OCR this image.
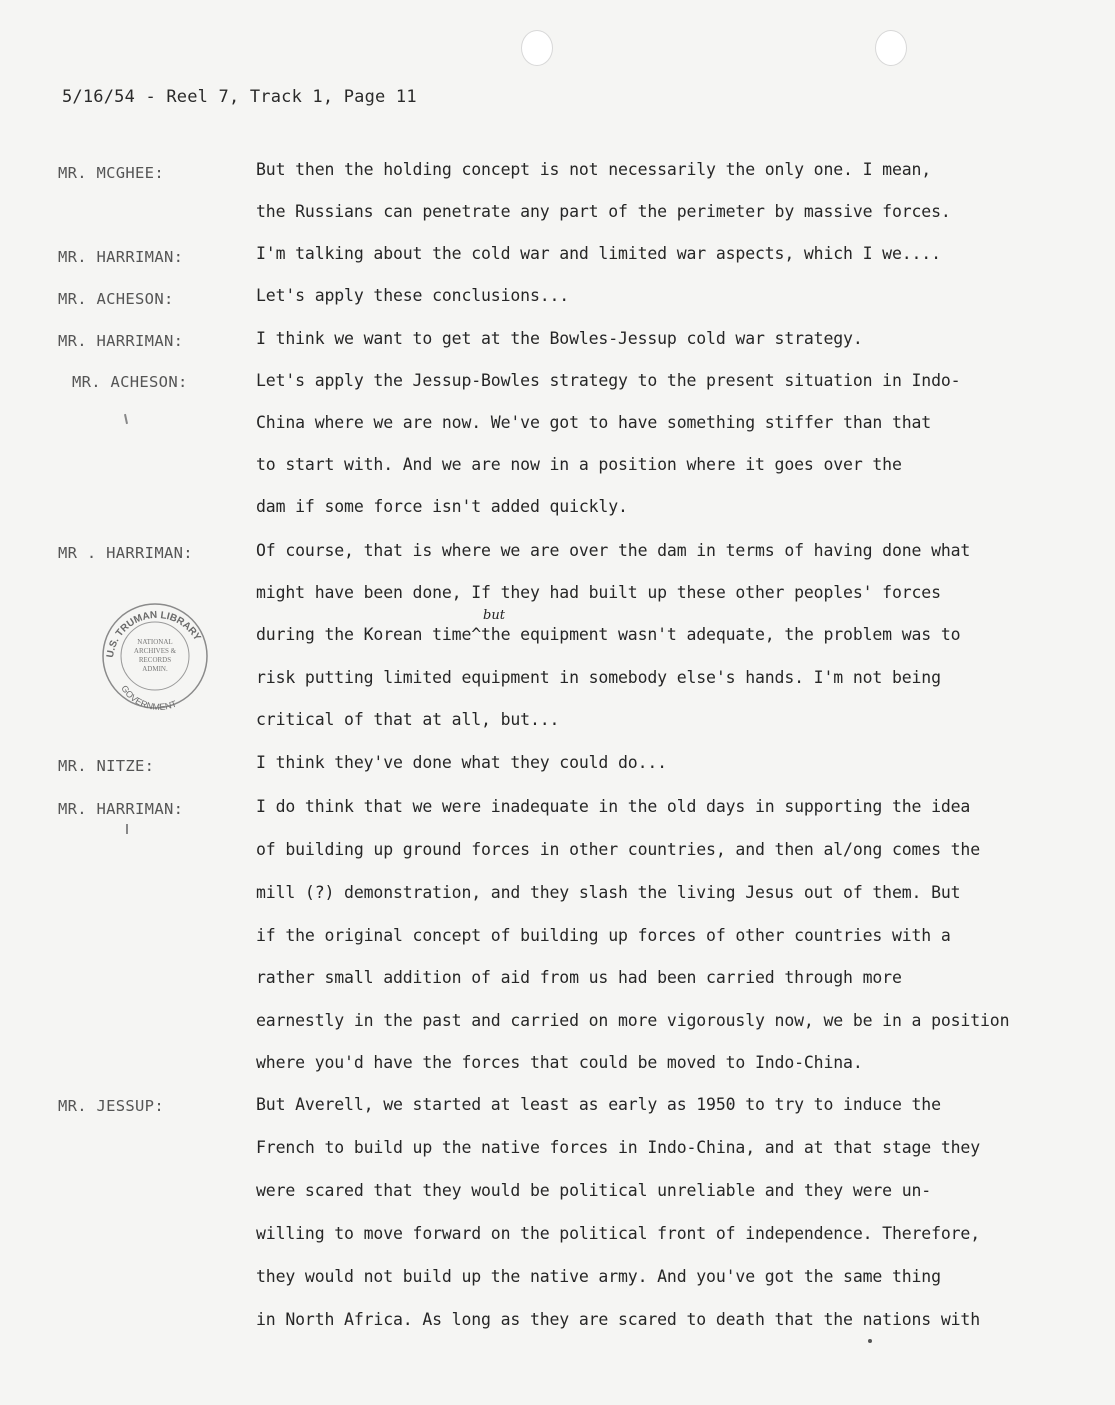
5/16/54 - Reel 7, Track 1, Page 11
MR. MCGHEE:
MR. HARRIMAN:
MR. ACHESON:
MR. HARRIMAN:
MR. ACHESON:
MR . HARRIMAN:
MR. NITZE:
MR. HARRIMAN:
MR. JESSUP:
But then the holding concept is not necessarily the only one. I mean,
the Russians can penetrate any part of the perimeter by massive forces.
I'm talking about the cold war and limited war aspects, which I we....
Let's apply these conclusions...
I think we want to get at the Bowles-Jessup cold war strategy.
Let's apply the Jessup-Bowles strategy to the present situation in Indo-
China where we are now. We've got to have something stiffer than that
to start with. And we are now in a position where it goes over the
dam if some force isn't added quickly.
Of course, that is where we are over the dam in terms of having done what
might have been done, If they had built up these other peoples' forces
during the Korean time^the equipment wasn't adequate, the problem was to
risk putting limited equipment in somebody else's hands. I'm not being
critical of that at all, but...
I think they've done what they could do...
I do think that we were inadequate in the old days in supporting the idea
of building up ground forces in other countries, and then al/ong comes the
mill (?) demonstration, and they slash the living Jesus out of them. But
if the original concept of building up forces of other countries with a
rather small addition of aid from us had been carried through more
earnestly in the past and carried on more vigorously now, we be in a position
where you'd have the forces that could be moved to Indo-China.
But Averell, we started at least as early as 1950 to try to induce the
French to build up the native forces in Indo-China, and at that stage they
were scared that they would be political unreliable and they were un-
willing to move forward on the political front of independence. Therefore,
they would not build up the native army. And you've got the same thing
in North Africa. As long as they are scared to death that the nations with
but
U.S. TRUMAN LIBRARY
GOVERNMENT
NATIONAL
ARCHIVES &
RECORDS
ADMIN.
